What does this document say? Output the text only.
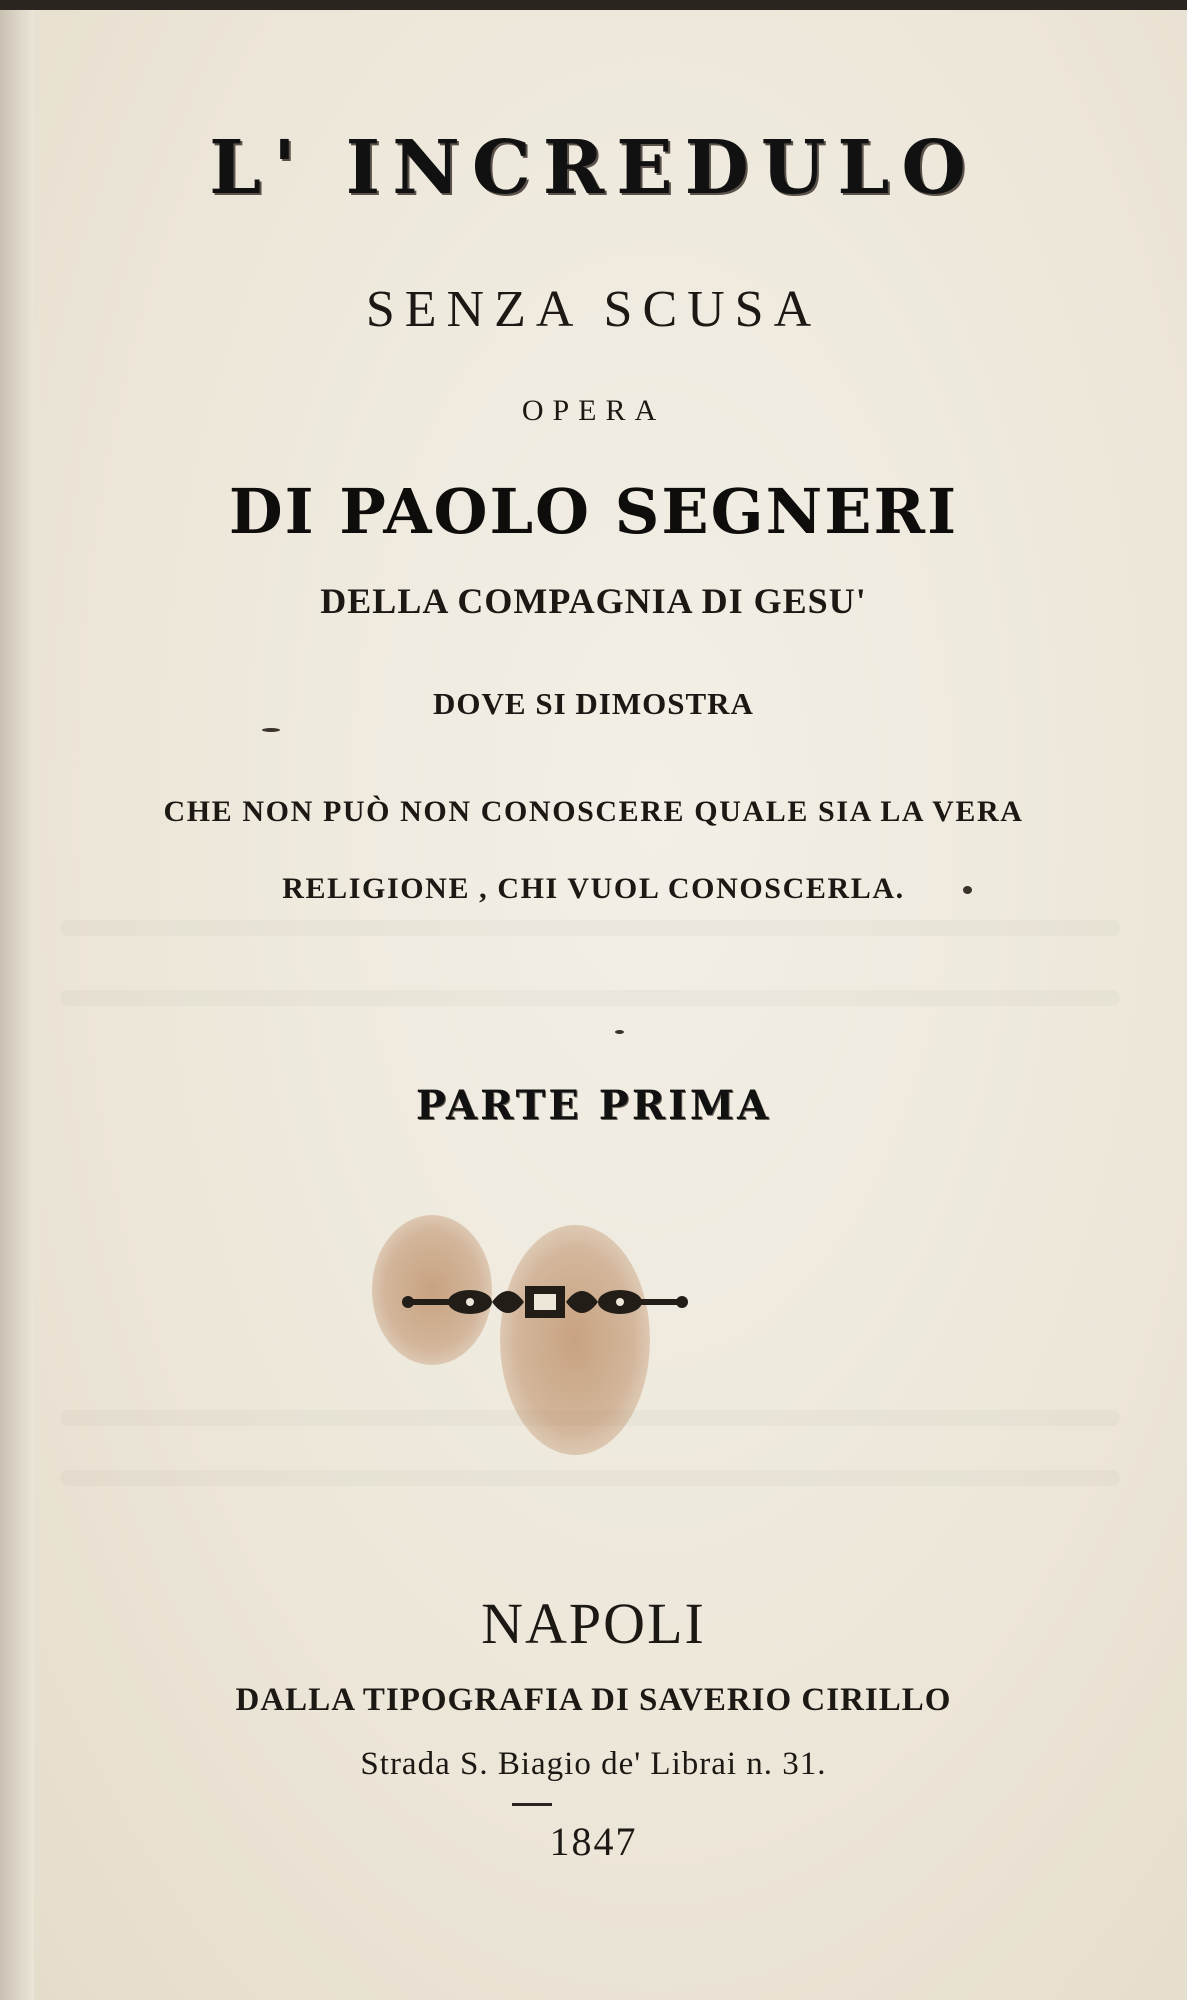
L' INCREDULO
SENZA SCUSA
OPERA
DI PAOLO SEGNERI
DELLA COMPAGNIA DI GESU'
DOVE SI DIMOSTRA
CHE NON PUÒ NON CONOSCERE QUALE SIA LA VERA
RELIGIONE , CHI VUOL CONOSCERLA.
PARTE PRIMA
NAPOLI
DALLA TIPOGRAFIA DI SAVERIO CIRILLO
Strada S. Biagio de' Librai n. 31.
1847
